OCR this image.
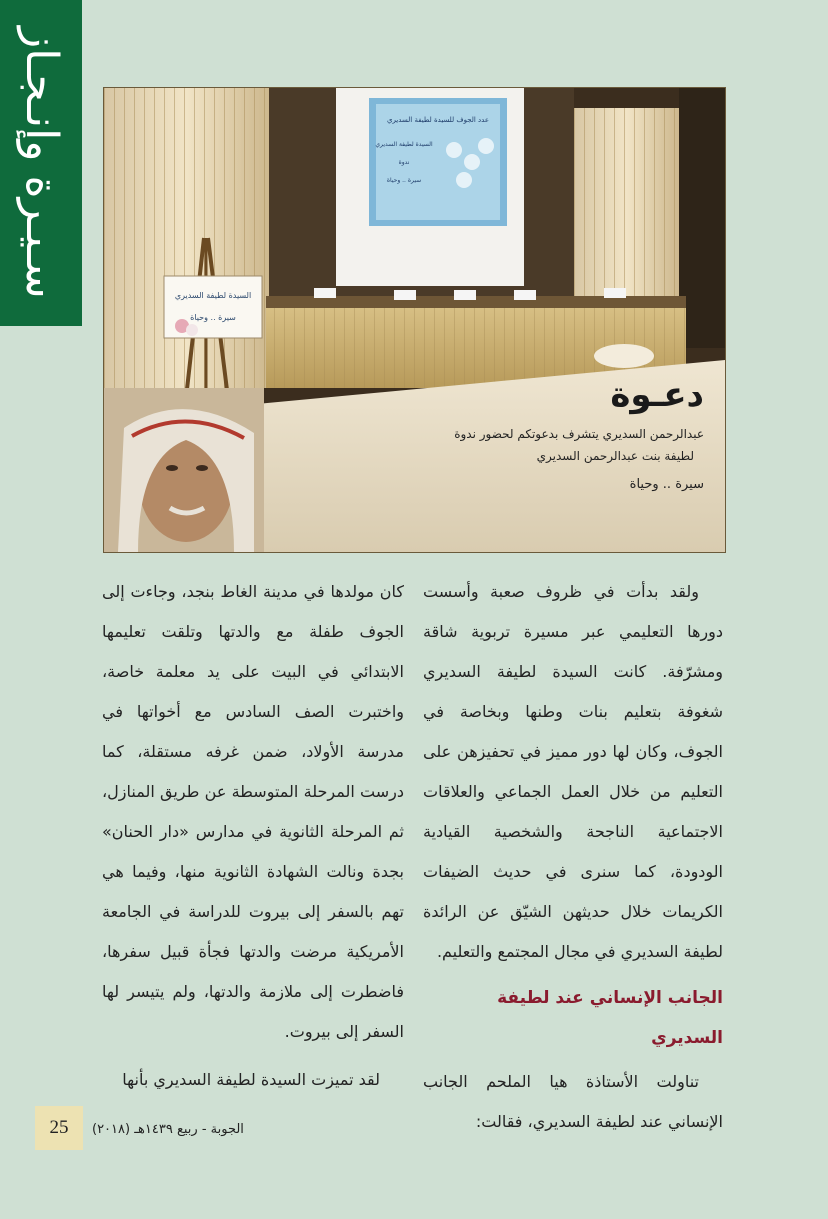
سـيـرة وإنـجـاز	عدد الجوف للسيدة لطيفة السديري
السيدة لطيفة السديري
ندوة
سيرة .. وحياة
السيدة لطيفة السديري
سيرة .. وحياة
دعـوة
عبدالرحمن السديري يتشرف بدعوتكم لحضور ندوة
لطيفة بنت عبدالرحمن السديري
سيرة .. وحياة

ولقد بدأت في ظروف صعبة وأسست دورها التعليمي عبر مسيرة تربوية شاقة ومشرّفة. كانت السيدة لطيفة السديري شغوفة بتعليم بنات وطنها وبخاصة في الجوف، وكان لها دور مميز في تحفيزهن على التعليم من خلال العمل الجماعي والعلاقات الاجتماعية الناجحة والشخصية القيادية الودودة، كما سنرى في حديث الضيفات الكريمات خلال حديثهن الشيّق عن الرائدة لطيفة السديري في مجال المجتمع والتعليم.

الجانب الإنساني عند لطيفة السديري

تناولت الأستاذة هيا الملحم الجانب الإنساني عند لطيفة السديري، فقالت:

كان مولدها في مدينة الغاط بنجد، وجاءت إلى الجوف طفلة مع والدتها وتلقت تعليمها الابتدائي في البيت على يد معلمة خاصة، واختبرت الصف السادس مع أخواتها في مدرسة الأولاد، ضمن غرفه مستقلة، كما درست المرحلة المتوسطة عن طريق المنازل، ثم المرحلة الثانوية في مدارس «دار الحنان» بجدة ونالت الشهادة الثانوية منها، وفيما هي تهم بالسفر إلى بيروت للدراسة في الجامعة الأمريكية مرضت والدتها فجأة قبيل سفرها، فاضطرت إلى ملازمة والدتها، ولم يتيسر لها السفر إلى بيروت.

لقد تميزت السيدة لطيفة السديري بأنها

25	الجوبة - ربيع ١٤٣٩هـ (٢٠١٨)
